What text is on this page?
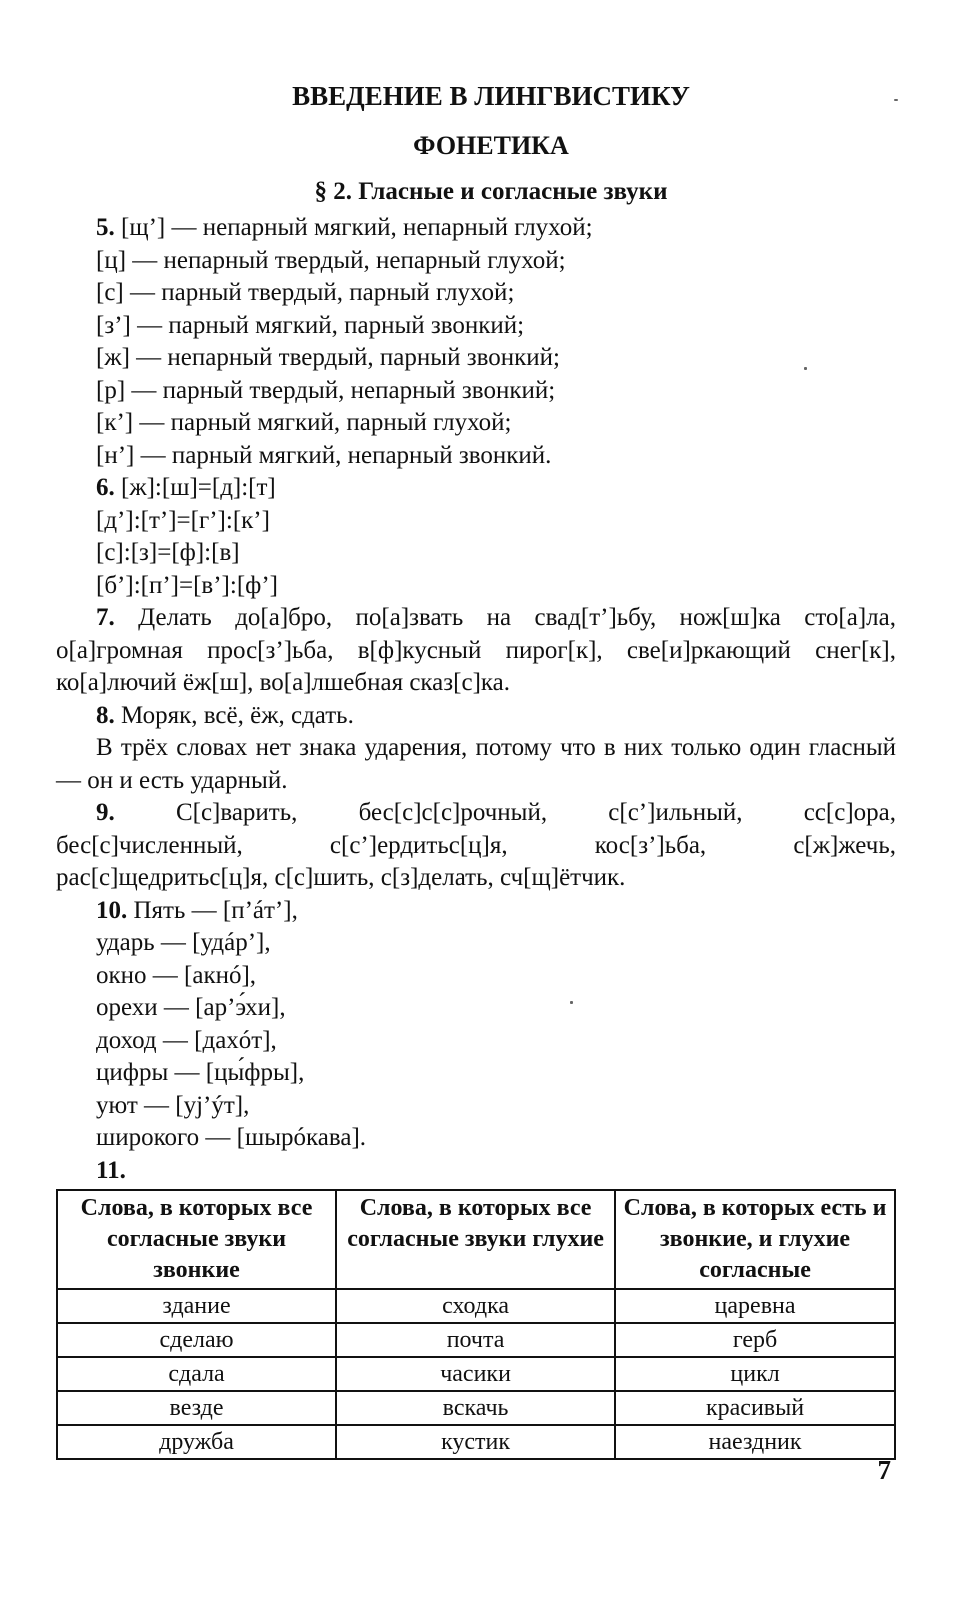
ВВЕДЕНИЕ В ЛИНГВИСТИКУ
ФОНЕТИКА
§ 2. Гласные и согласные звуки
5. [щ’] — непарный мягкий, непарный глухой;
[ц] — непарный твердый, непарный глухой;
[с] — парный твердый, парный глухой;
[з’] — парный мягкий, парный звонкий;
[ж] — непарный твердый, парный звонкий;
[р] — парный твердый, непарный звонкий;
[к’] — парный мягкий, парный глухой;
[н’] — парный мягкий, непарный звонкий.
6. [ж]:[ш]=[д]:[т]
[д’]:[т’]=[г’]:[к’]
[с]:[з]=[ф]:[в]
[б’]:[п’]=[в’]:[ф’]
7. Делать до[а]бро, по[а]звать на свад[т’]ьбу, нож[ш]ка сто[а]ла, о[а]громная прос[з’]ьба, в[ф]кусный пирог[к], све[и]ркающий снег[к], ко[а]лючий ёж[ш], во[а]лшебная сказ[с]ка.
8. Моряк, всё, ёж, сдать.
В трёх словах нет знака ударения, потому что в них только один гласный — он и есть ударный.
9. С[с]варить, бес[с]с[с]рочный, с[с’]ильный, сс[с]ора,
бес[с]численный, с[с’]ердитьс[ц]я, кос[з’]ьба, с[ж]жечь,
рас[с]щедритьс[ц]я, с[с]шить, с[з]делать, сч[щ]ётчик.
10. Пять — [п’áт’],
ударь — [удáр’],
окно — [акнó],
орехи — [ар’э́хи],
доход — [дахóт],
цифры — [цы́фры],
уют — [уj’ýт],
широкого — [шырóкава].
11.
Слова, в которых все согласные звуки звонкие	Слова, в которых все согласные звуки глухие	Слова, в которых есть и звонкие, и глухие согласные
здание	сходка	царевна
сделаю	почта	герб
сдала	часики	цикл
везде	вскачь	красивый
дружба	кустик	наездник
7
